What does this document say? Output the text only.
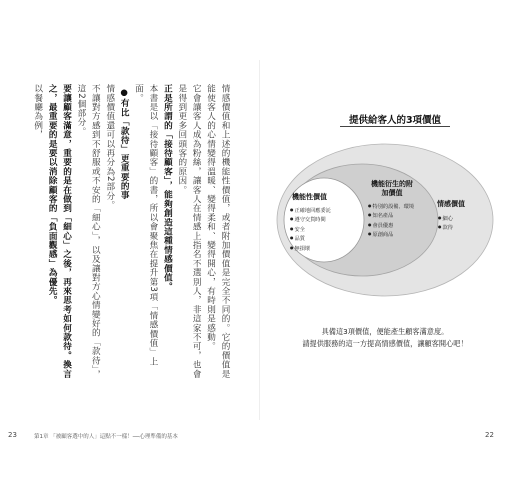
情感價值和上述的機能性價值，或者附加價值是完全不同的。它的價值是能使客人的心情變得溫暖、變得柔和、變得開心，有時則是感動。

它會讓客人成為粉絲，讓客人在情感上指名不選別人，非這家不可，也會是得到更多回頭客的原因。

正是所謂的「接待顧客」，能夠創造這種情感價值。

本書是以「接待顧客」的書，所以會聚焦在提升第3項「情感價值」上面。

●有比「款待」更重要的事

情感價值還可以再分為2部分。

不讓對方感到不舒服或不安的「細心」，以及讓對方心情變好的「款待」，這2個部分。

要讓顧客滿意，重要的是在做到「細心」之後，再來思考如何款待。換言之，最重要的是要以消除顧客的「負面觀感」為優先。

以餐廳為例，

23	第1章 「被顧客選中的人」這點不一樣！──心理準備的基本
提供給客人的3項價值
機能性價值
● 正確地回應委託
● 遵守交貨時間
● 安全
● 品質
● 無損壞
機能衍生的附加價值
● 特別的設備、環境
● 知名產品
● 會員優惠
● 原創商品
情感價值
● 細心
● 款待
具備這3項價值，便能產生顧客滿意度。
請提供服務的這一方提高情感價值，讓顧客開心吧！
22
